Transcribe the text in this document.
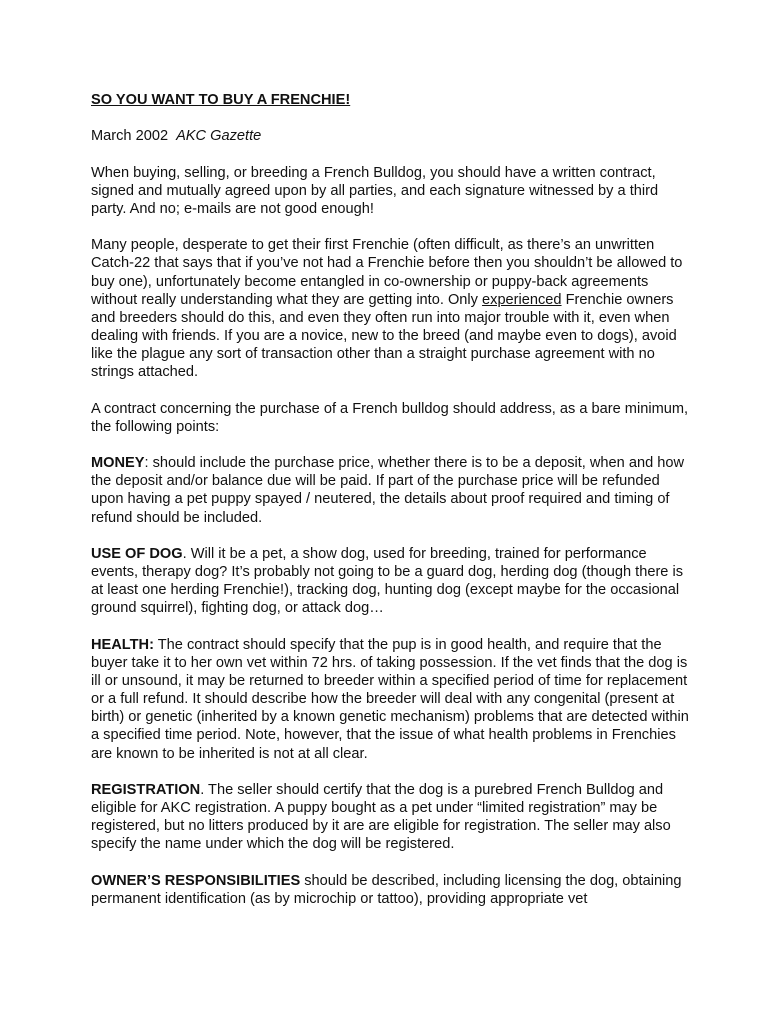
SO YOU WANT TO BUY A FRENCHIE!
March 2002 AKC Gazette

When buying, selling, or breeding a French Bulldog, you should have a written contract, signed and mutually agreed upon by all parties, and each signature witnessed by a third party. And no; e-mails are not good enough!

Many people, desperate to get their first Frenchie (often difficult, as there’s an unwritten Catch-22 that says that if you’ve not had a Frenchie before then you shouldn’t be allowed to buy one), unfortunately become entangled in co-ownership or puppy-back agreements without really understanding what they are getting into. Only experienced Frenchie owners and breeders should do this, and even they often run into major trouble with it, even when dealing with friends. If you are a novice, new to the breed (and maybe even to dogs), avoid like the plague any sort of transaction other than a straight purchase agreement with no strings attached.

A contract concerning the purchase of a French bulldog should address, as a bare minimum, the following points:

MONEY: should include the purchase price, whether there is to be a deposit, when and how the deposit and/or balance due will be paid. If part of the purchase price will be refunded upon having a pet puppy spayed / neutered, the details about proof required and timing of refund should be included.

USE OF DOG. Will it be a pet, a show dog, used for breeding, trained for performance events, therapy dog? It’s probably not going to be a guard dog, herding dog (though there is at least one herding Frenchie!), tracking dog, hunting dog (except maybe for the occasional ground squirrel), fighting dog, or attack dog…

HEALTH: The contract should specify that the pup is in good health, and require that the buyer take it to her own vet within 72 hrs. of taking possession. If the vet finds that the dog is ill or unsound, it may be returned to breeder within a specified period of time for replacement or a full refund. It should describe how the breeder will deal with any congenital (present at birth) or genetic (inherited by a known genetic mechanism) problems that are detected within a specified time period. Note, however, that the issue of what health problems in Frenchies are known to be inherited is not at all clear.

REGISTRATION. The seller should certify that the dog is a purebred French Bulldog and eligible for AKC registration. A puppy bought as a pet under “limited registration” may be registered, but no litters produced by it are are eligible for registration. The seller may also specify the name under which the dog will be registered.

OWNER’S RESPONSIBILITIES should be described, including licensing the dog, obtaining permanent identification (as by microchip or tattoo), providing appropriate vet
